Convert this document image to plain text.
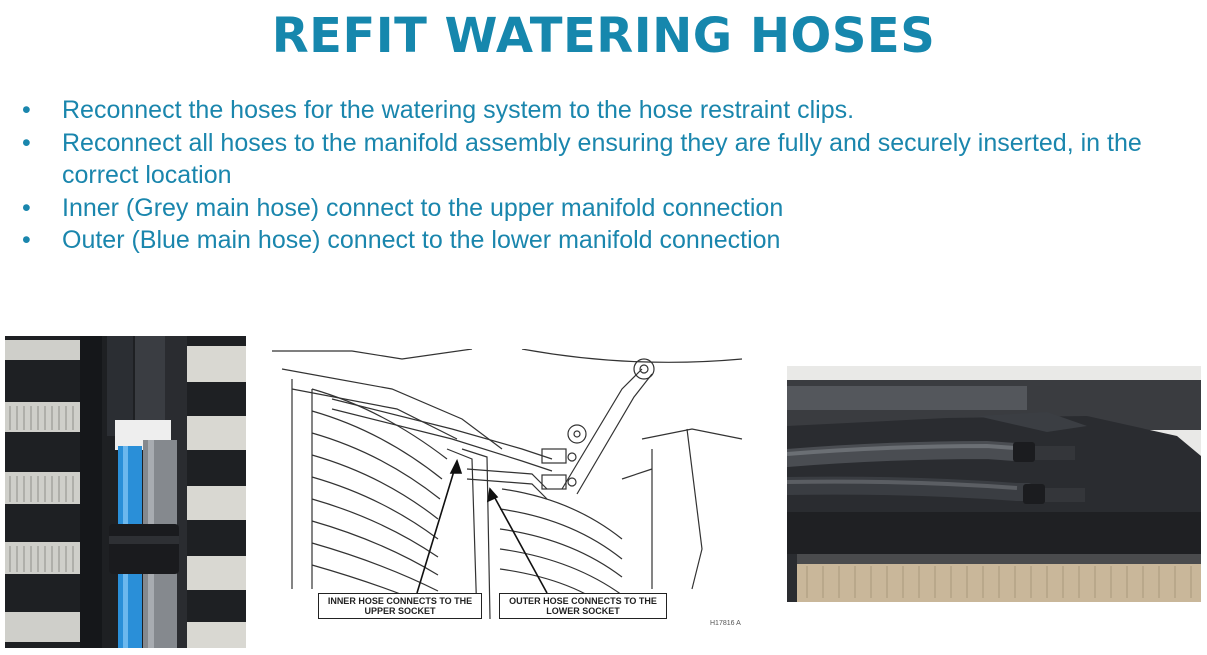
REFIT WATERING HOSES
•	Reconnect the hoses for the watering system to the hose restraint clips.
•	Reconnect all hoses to the manifold assembly ensuring they are fully and securely inserted, in the correct location
•	Inner (Grey main hose) connect to the upper manifold connection
•	Outer (Blue main hose) connect to the lower manifold connection
INNER HOSE CONNECTS TO THE UPPER SOCKET
OUTER HOSE CONNECTS TO THE LOWER SOCKET
H17816 A
